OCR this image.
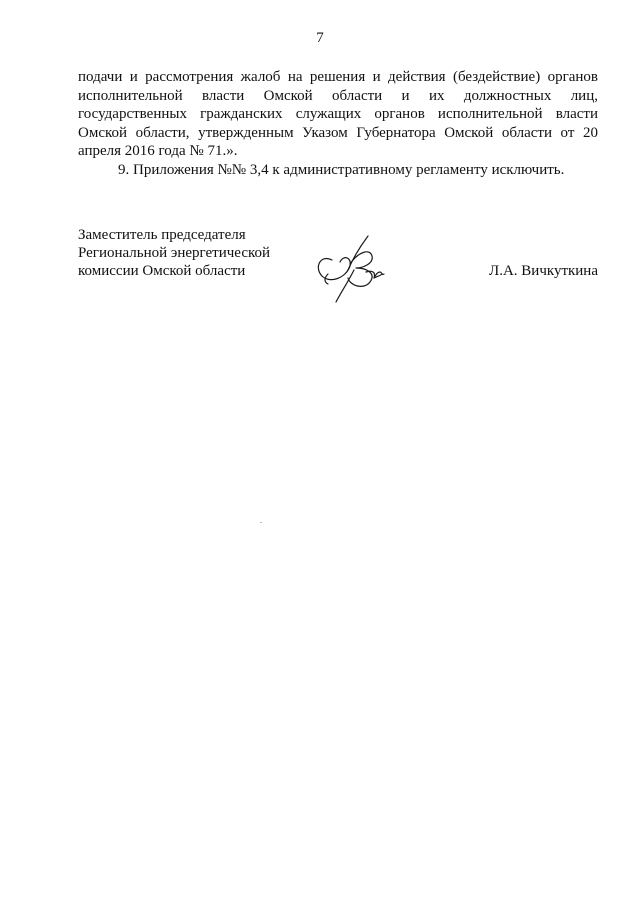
7

подачи и рассмотрения жалоб на решения и действия (бездействие) органов исполнительной власти Омской области и их должностных лиц, государственных гражданских служащих органов исполнительной власти Омской области, утвержденным Указом Губернатора Омской области от 20 апреля 2016 года № 71.».

9. Приложения №№ 3,4 к административному регламенту исключить.

Заместитель председателя
Региональной энергетической
комиссии Омской области	Л.А. Вичкуткина
